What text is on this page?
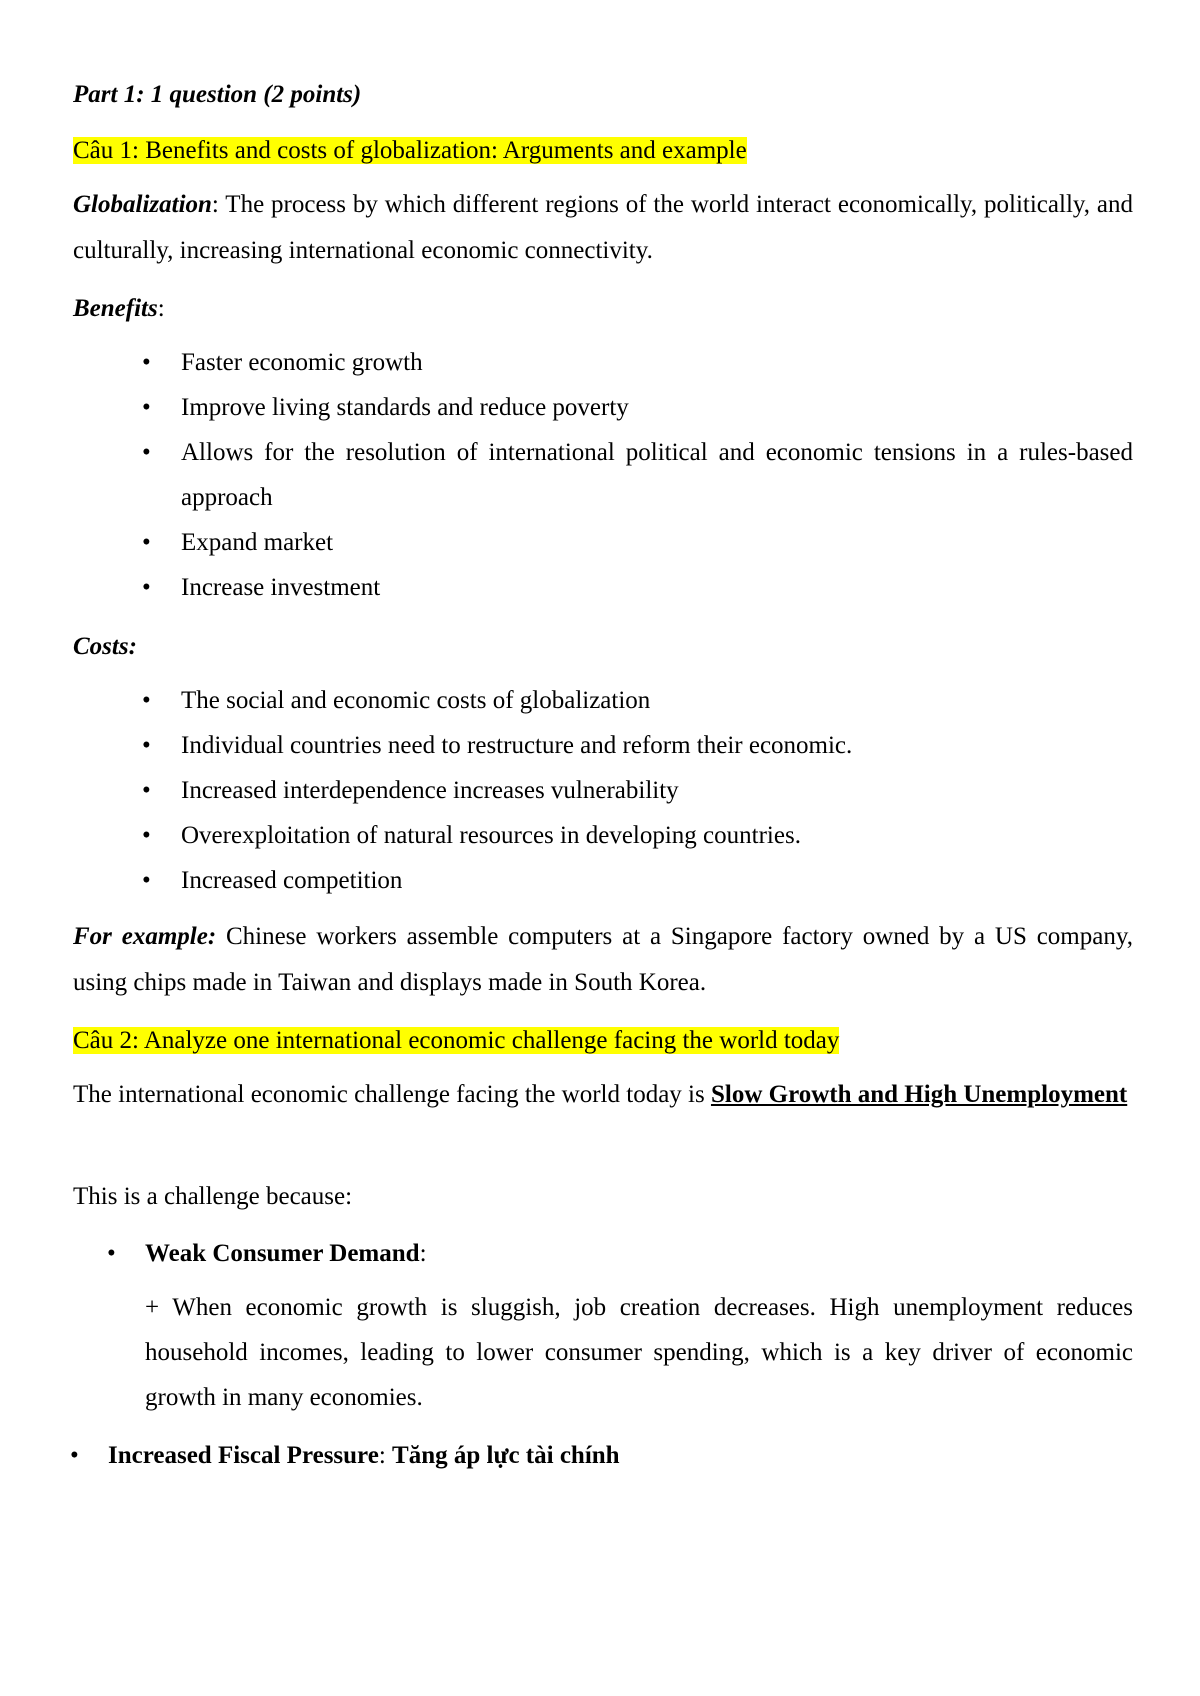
Part 1: 1 question (2 points)

Câu 1: Benefits and costs of globalization: Arguments and example

Globalization: The process by which different regions of the world interact economically, politically, and culturally, increasing international economic connectivity.

Benefits:

• Faster economic growth
• Improve living standards and reduce poverty
• Allows for the resolution of international political and economic tensions in a rules-based approach
• Expand market
• Increase investment

Costs:

• The social and economic costs of globalization
• Individual countries need to restructure and reform their economic.
• Increased interdependence increases vulnerability
• Overexploitation of natural resources in developing countries.
• Increased competition

For example: Chinese workers assemble computers at a Singapore factory owned by a US company, using chips made in Taiwan and displays made in South Korea.

Câu 2: Analyze one international economic challenge facing the world today

The international economic challenge facing the world today is Slow Growth and High Unemployment

This is a challenge because:

• Weak Consumer Demand:

+ When economic growth is sluggish, job creation decreases. High unemployment reduces household incomes, leading to lower consumer spending, which is a key driver of economic growth in many economies.

• Increased Fiscal Pressure: Tăng áp lực tài chính
